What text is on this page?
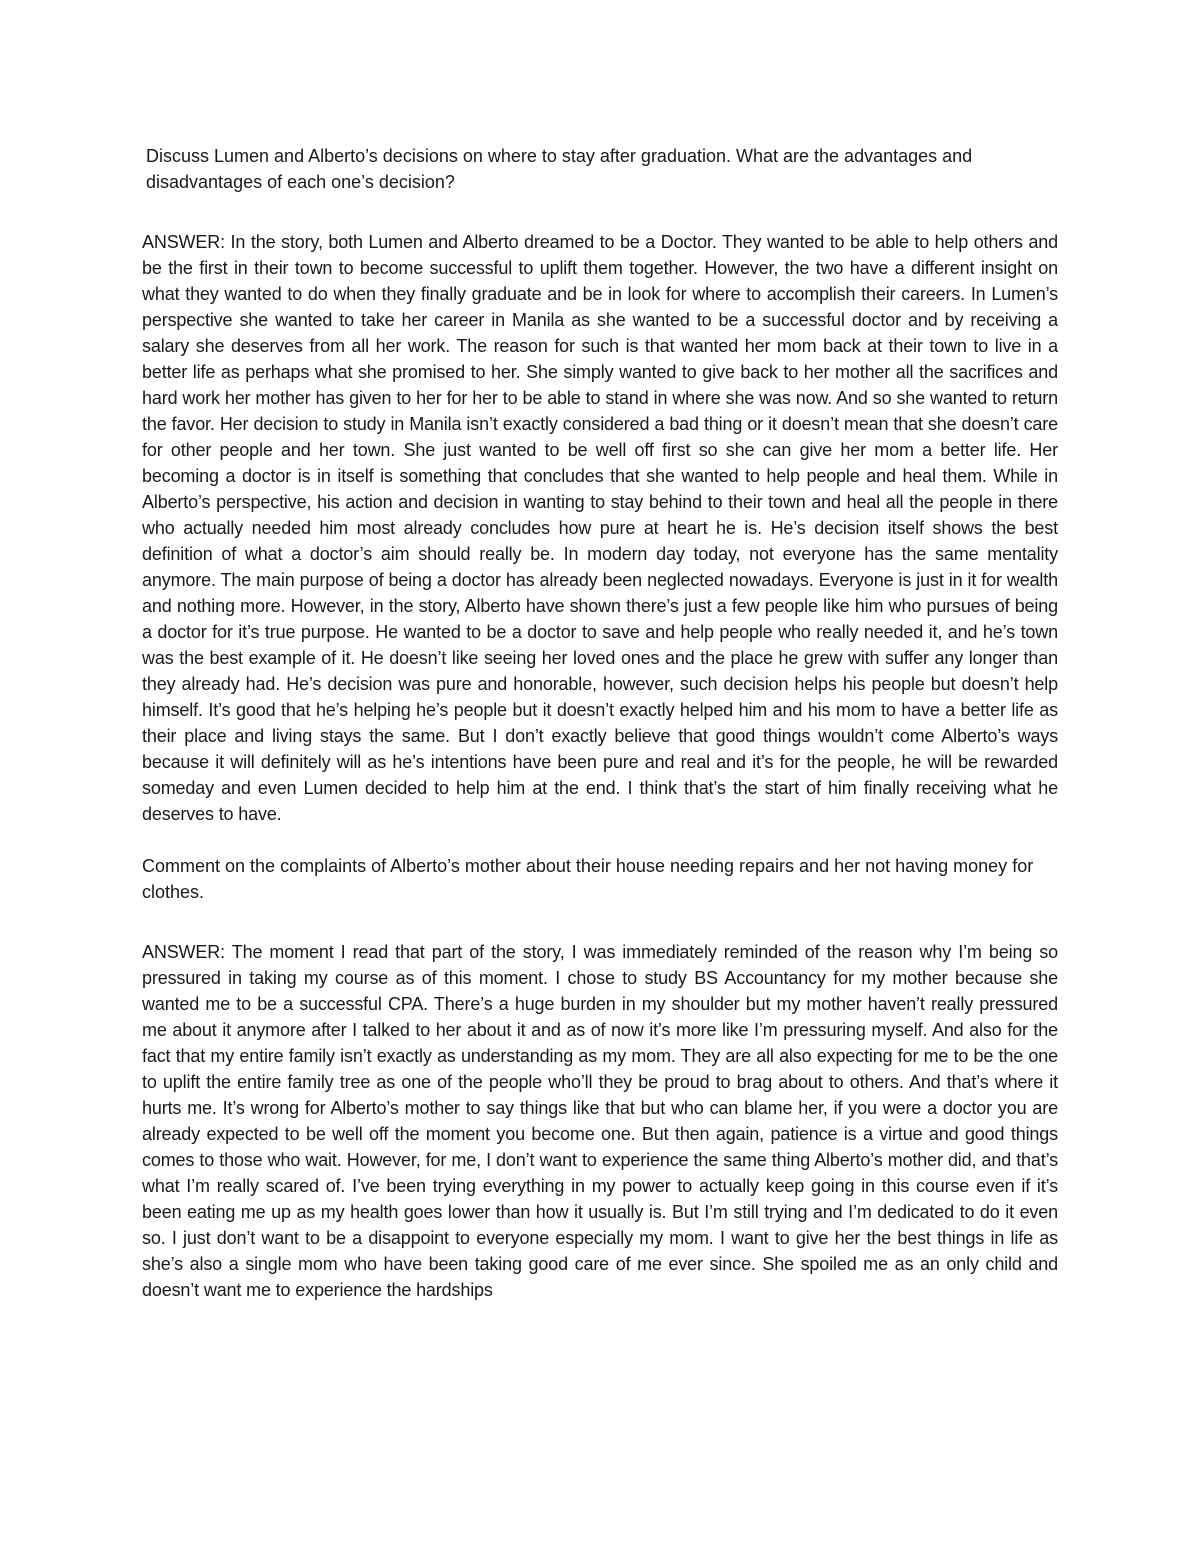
Discuss Lumen and Alberto’s decisions on where to stay after graduation. What are the advantages and disadvantages of each one’s decision?

ANSWER: In the story, both Lumen and Alberto dreamed to be a Doctor. They wanted to be able to help others and be the first in their town to become successful to uplift them together. However, the two have a different insight on what they wanted to do when they finally graduate and be in look for where to accomplish their careers. In Lumen’s perspective she wanted to take her career in Manila as she wanted to be a successful doctor and by receiving a salary she deserves from all her work. The reason for such is that wanted her mom back at their town to live in a better life as perhaps what she promised to her. She simply wanted to give back to her mother all the sacrifices and hard work her mother has given to her for her to be able to stand in where she was now. And so she wanted to return the favor. Her decision to study in Manila isn’t exactly considered a bad thing or it doesn’t mean that she doesn’t care for other people and her town. She just wanted to be well off first so she can give her mom a better life. Her becoming a doctor is in itself is something that concludes that she wanted to help people and heal them. While in Alberto’s perspective, his action and decision in wanting to stay behind to their town and heal all the people in there who actually needed him most already concludes how pure at heart he is. He’s decision itself shows the best definition of what a doctor’s aim should really be. In modern day today, not everyone has the same mentality anymore. The main purpose of being a doctor has already been neglected nowadays. Everyone is just in it for wealth and nothing more. However, in the story, Alberto have shown there’s just a few people like him who pursues of being a doctor for it’s true purpose. He wanted to be a doctor to save and help people who really needed it, and he’s town was the best example of it. He doesn’t like seeing her loved ones and the place he grew with suffer any longer than they already had. He’s decision was pure and honorable, however, such decision helps his people but doesn’t help himself. It’s good that he’s helping he’s people but it doesn’t exactly helped him and his mom to have a better life as their place and living stays the same. But I don’t exactly believe that good things wouldn’t come Alberto’s ways because it will definitely will as he’s intentions have been pure and real and it’s for the people, he will be rewarded someday and even Lumen decided to help him at the end. I think that’s the start of him finally receiving what he deserves to have.

Comment on the complaints of Alberto’s mother about their house needing repairs and her not having money for clothes.

ANSWER: The moment I read that part of the story, I was immediately reminded of the reason why I’m being so pressured in taking my course as of this moment. I chose to study BS Accountancy for my mother because she wanted me to be a successful CPA. There’s a huge burden in my shoulder but my mother haven’t really pressured me about it anymore after I talked to her about it and as of now it’s more like I’m pressuring myself. And also for the fact that my entire family isn’t exactly as understanding as my mom. They are all also expecting for me to be the one to uplift the entire family tree as one of the people who’ll they be proud to brag about to others. And that’s where it hurts me. It’s wrong for Alberto’s mother to say things like that but who can blame her, if you were a doctor you are already expected to be well off the moment you become one. But then again, patience is a virtue and good things comes to those who wait. However, for me, I don’t want to experience the same thing Alberto’s mother did, and that’s what I’m really scared of. I’ve been trying everything in my power to actually keep going in this course even if it’s been eating me up as my health goes lower than how it usually is. But I’m still trying and I’m dedicated to do it even so. I just don’t want to be a disappoint to everyone especially my mom. I want to give her the best things in life as she’s also a single mom who have been taking good care of me ever since. She spoiled me as an only child and doesn’t want me to experience the hardships
